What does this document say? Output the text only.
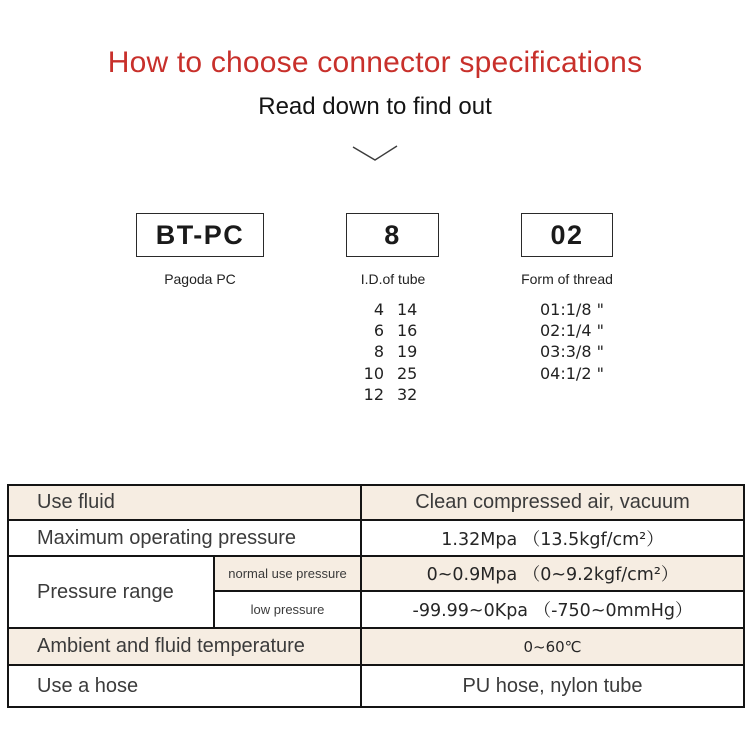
How to choose connector specifications
Read down to find out
BT-PC	8	02
Pagoda PC	I.D.of tube	Form of thread
4 14
6 16
8 19
10 25
12 32
01:1/8 "
02:1/4 "
03:3/8 "
04:1/2 "
Use fluid	Clean compressed air, vacuum
Maximum operating pressure	1.32Mpa （13.5kgf/cm²）
Pressure range
normal use pressure	0~0.9Mpa （0~9.2kgf/cm²）
low pressure	-99.99~0Kpa （-750~0mmHg）
Ambient and fluid temperature	0~60℃
Use a hose	PU hose, nylon tube
